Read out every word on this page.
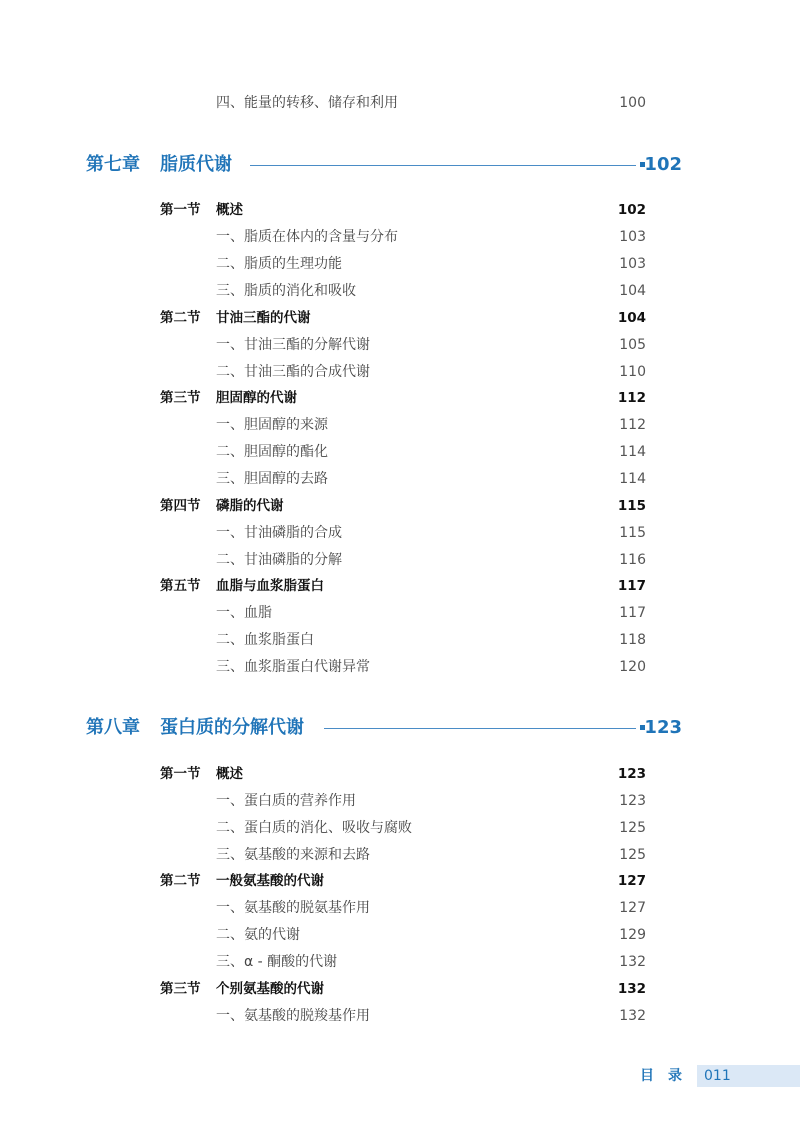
四、能量的转移、储存和利用	100
第七章 脂质代谢	102
第一节 概述	102
一、脂质在体内的含量与分布	103
二、脂质的生理功能	103
三、脂质的消化和吸收	104
第二节 甘油三酯的代谢	104
一、甘油三酯的分解代谢	105
二、甘油三酯的合成代谢	110
第三节 胆固醇的代谢	112
一、胆固醇的来源	112
二、胆固醇的酯化	114
三、胆固醇的去路	114
第四节 磷脂的代谢	115
一、甘油磷脂的合成	115
二、甘油磷脂的分解	116
第五节 血脂与血浆脂蛋白	117
一、血脂	117
二、血浆脂蛋白	118
三、血浆脂蛋白代谢异常	120
第八章 蛋白质的分解代谢	123
第一节 概述	123
一、蛋白质的营养作用	123
二、蛋白质的消化、吸收与腐败	125
三、氨基酸的来源和去路	125
第二节 一般氨基酸的代谢	127
一、氨基酸的脱氨基作用	127
二、氨的代谢	129
三、α - 酮酸的代谢	132
第三节 个别氨基酸的代谢	132
一、氨基酸的脱羧基作用	132
目录 011
